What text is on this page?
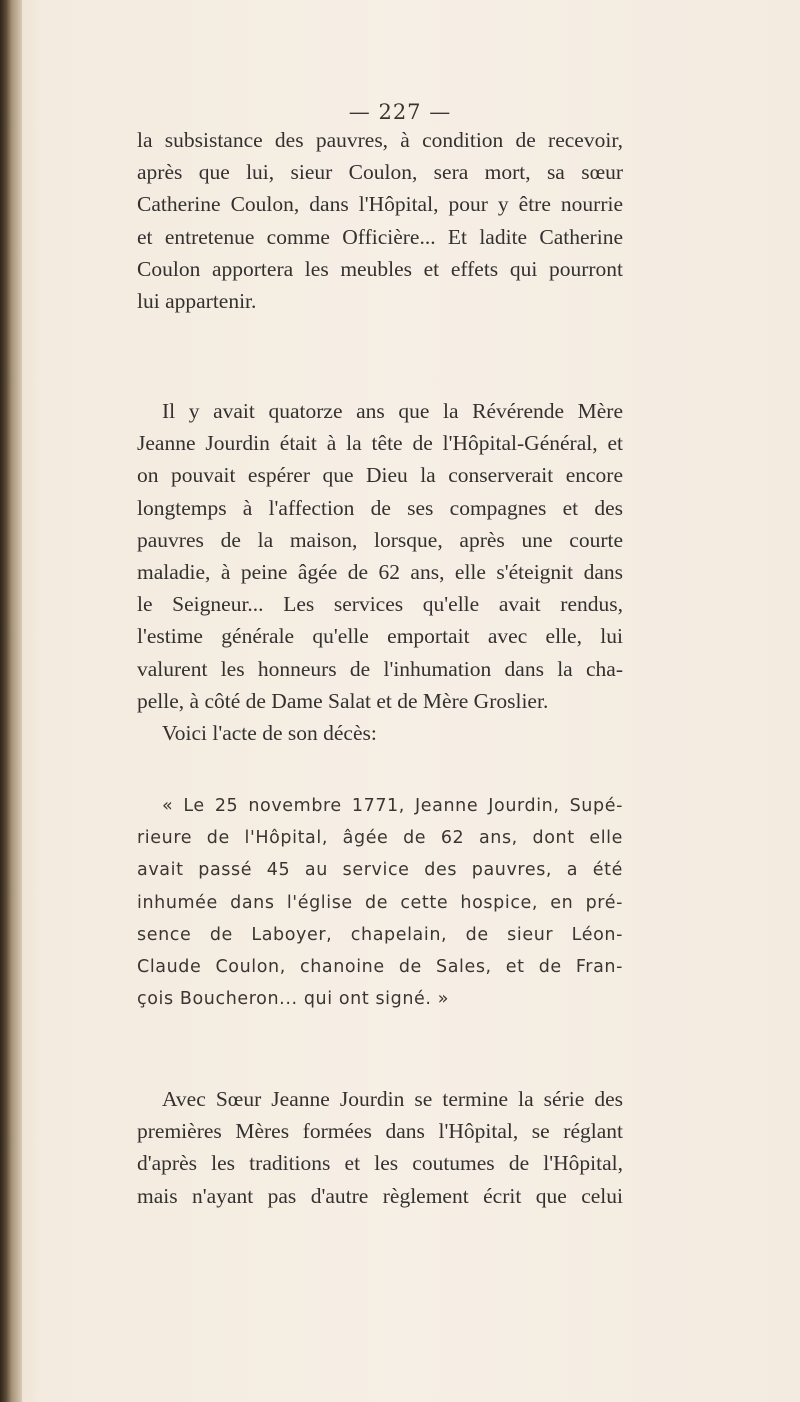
— 227 —

la subsistance des pauvres, à condition de recevoir,
après que lui, sieur Coulon, sera mort, sa sœur
Catherine Coulon, dans l'Hôpital, pour y être nourrie
et entretenue comme Officière... Et ladite Catherine
Coulon apportera les meubles et effets qui pourront
lui appartenir.

Il y avait quatorze ans que la Révérende Mère
Jeanne Jourdin était à la tête de l'Hôpital-Général, et
on pouvait espérer que Dieu la conserverait encore
longtemps à l'affection de ses compagnes et des
pauvres de la maison, lorsque, après une courte
maladie, à peine âgée de 62 ans, elle s'éteignit dans
le Seigneur... Les services qu'elle avait rendus,
l'estime générale qu'elle emportait avec elle, lui
valurent les honneurs de l'inhumation dans la cha-
pelle, à côté de Dame Salat et de Mère Groslier.

Voici l'acte de son décès:

« Le 25 novembre 1771, Jeanne Jourdin, Supé-
rieure de l'Hôpital, âgée de 62 ans, dont elle
avait passé 45 au service des pauvres, a été
inhumée dans l'église de cette hospice, en pré-
sence de Laboyer, chapelain, de sieur Léon-
Claude Coulon, chanoine de Sales, et de Fran-
çois Boucheron... qui ont signé. »

Avec Sœur Jeanne Jourdin se termine la série des
premières Mères formées dans l'Hôpital, se réglant
d'après les traditions et les coutumes de l'Hôpital,
mais n'ayant pas d'autre règlement écrit que celui
